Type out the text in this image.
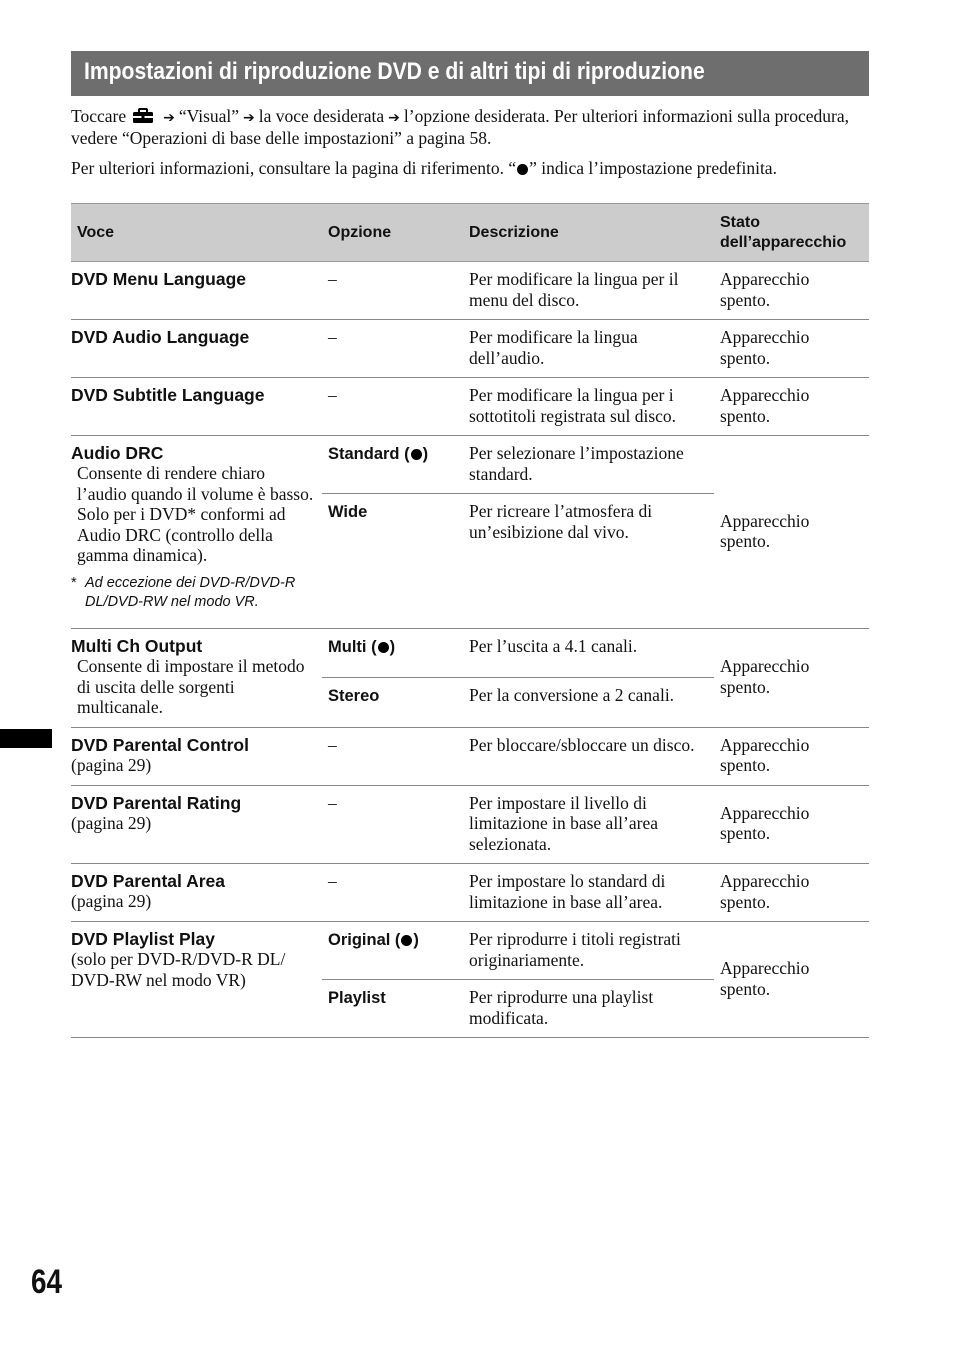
Impostazioni di riproduzione DVD e di altri tipi di riproduzione
Toccare	➔ “Visual” ➔ la voce desiderata ➔ l’opzione desiderata. Per ulteriori informazioni sulla procedura, vedere “Operazioni di base delle impostazioni” a pagina 58.
Per ulteriori informazioni, consultare la pagina di riferimento. “ ” indica l’impostazione predefinita.
Voce	Opzione	Descrizione	Stato dell’apparecchio

DVD Menu Language	–	Per modificare la lingua per il menu del disco.	Apparecchio spento.

DVD Audio Language	–	Per modificare la lingua dell’audio.	Apparecchio spento.

DVD Subtitle Language	–	Per modificare la lingua per i sottotitoli registrata sul disco.	Apparecchio spento.

Audio DRC
Consente di rendere chiaro l’audio quando il volume è basso. Solo per i DVD* conformi ad Audio DRC (controllo della gamma dinamica).
* Ad eccezione dei DVD-R/DVD-R DL/DVD-RW nel modo VR.	Standard ( )	Per selezionare l’impostazione standard.	Apparecchio spento.
	Wide	Per ricreare l’atmosfera di un’esibizione dal vivo.	

Multi Ch Output
Consente di impostare il metodo di uscita delle sorgenti multicanale.	Multi ( )	Per l’uscita a 4.1 canali.	Apparecchio spento.
	Stereo	Per la conversione a 2 canali.	

DVD Parental Control
(pagina 29)	–	Per bloccare/sbloccare un disco.	Apparecchio spento.

DVD Parental Rating
(pagina 29)	–	Per impostare il livello di limitazione in base all’area selezionata.	Apparecchio spento.

DVD Parental Area
(pagina 29)	–	Per impostare lo standard di limitazione in base all’area.	Apparecchio spento.

DVD Playlist Play
(solo per DVD-R/DVD-R DL/ DVD-RW nel modo VR)	Original ( )	Per riprodurre i titoli registrati originariamente.	Apparecchio spento.
	Playlist	Per riprodurre una playlist modificata.	
64
